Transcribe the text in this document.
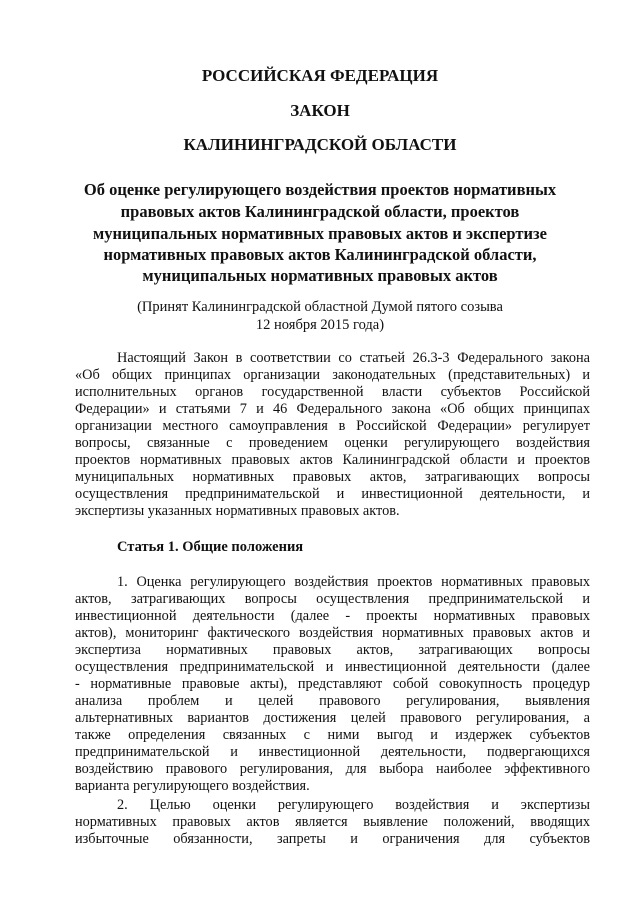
РОССИЙСКАЯ ФЕДЕРАЦИЯ
ЗАКОН
КАЛИНИНГРАДСКОЙ ОБЛАСТИ
Об оценке регулирующего воздействия проектов нормативных
правовых актов Калининградской области, проектов
муниципальных нормативных правовых актов и экспертизе
нормативных правовых актов Калининградской области,
муниципальных нормативных правовых актов
(Принят Калининградской областной Думой пятого созыва
12 ноября 2015 года)
Настоящий Закон в соответствии со статьей 26.3-3 Федерального закона
«Об общих принципах организации законодательных (представительных) и
исполнительных органов государственной власти субъектов Российской
Федерации» и статьями 7 и 46 Федерального закона «Об общих принципах
организации местного самоуправления в Российской Федерации» регулирует
вопросы, связанные с проведением оценки регулирующего воздействия
проектов нормативных правовых актов Калининградской области и проектов
муниципальных нормативных правовых актов, затрагивающих вопросы
осуществления предпринимательской и инвестиционной деятельности, и
экспертизы указанных нормативных правовых актов.
Статья 1. Общие положения
1. Оценка регулирующего воздействия проектов нормативных правовых
актов, затрагивающих вопросы осуществления предпринимательской и
инвестиционной деятельности (далее - проекты нормативных правовых
актов), мониторинг фактического воздействия нормативных правовых актов и
экспертиза нормативных правовых актов, затрагивающих вопросы
осуществления предпринимательской и инвестиционной деятельности (далее
- нормативные правовые акты), представляют собой совокупность процедур
анализа проблем и целей правового регулирования, выявления
альтернативных вариантов достижения целей правового регулирования, а
также определения связанных с ними выгод и издержек субъектов
предпринимательской и инвестиционной деятельности, подвергающихся
воздействию правового регулирования, для выбора наиболее эффективного
варианта регулирующего воздействия.
2. Целью оценки регулирующего воздействия и экспертизы
нормативных правовых актов является выявление положений, вводящих
избыточные обязанности, запреты и ограничения для субъектов
